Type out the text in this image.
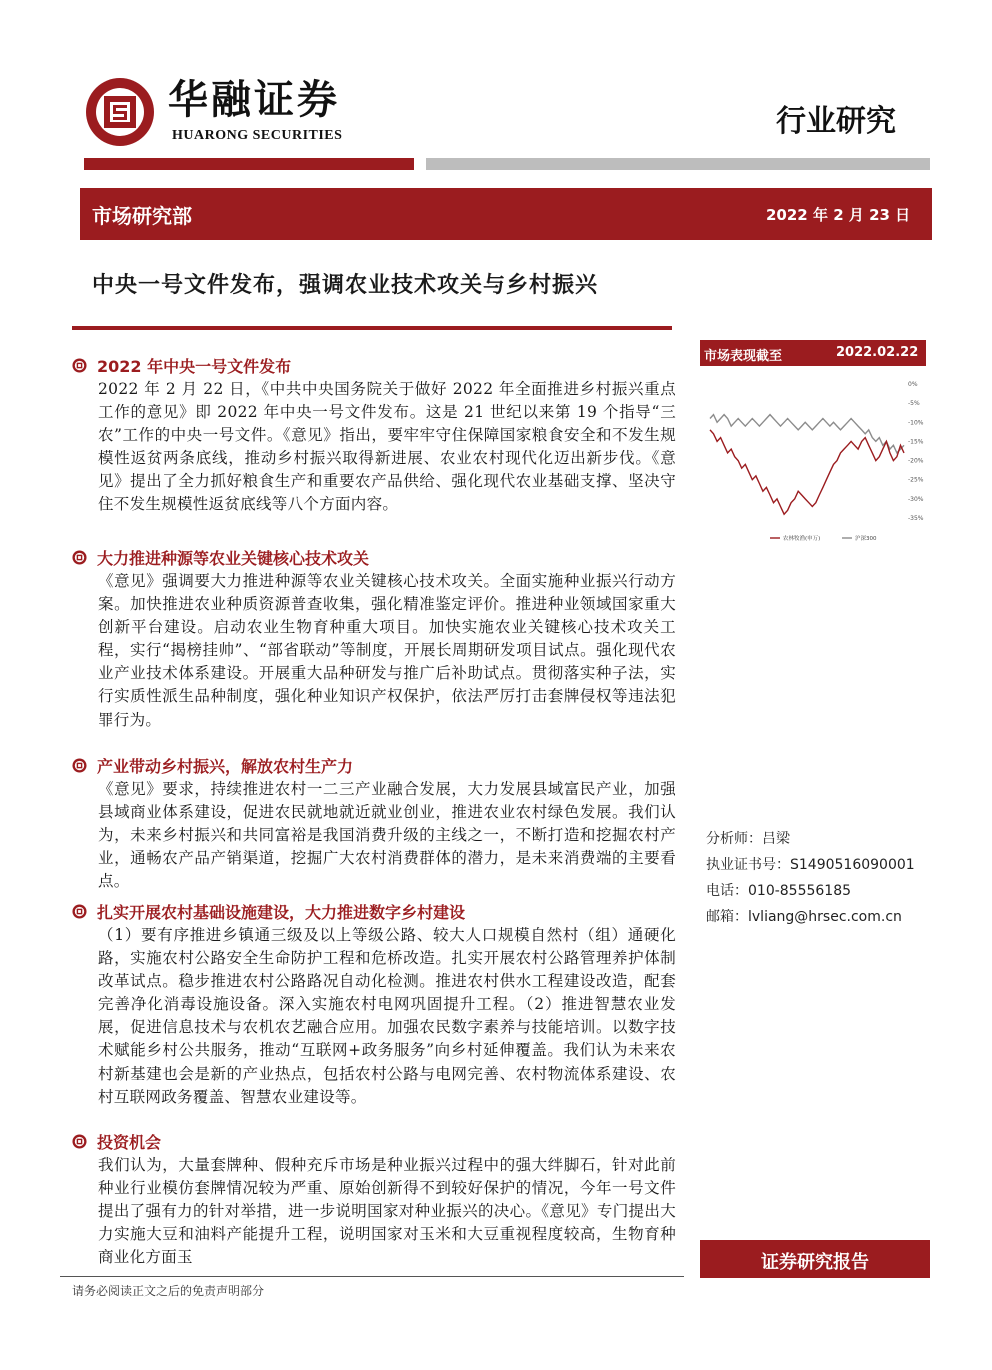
华融证券
HUARONG SECURITIES	行业研究
市场研究部	2022 年 2 月 23 日
中央一号文件发布，强调农业技术攻关与乡村振兴
2022 年中央一号文件发布

2022 年 2 月 22 日，《中共中央国务院关于做好 2022 年全面推进乡村振兴重点工作的意见》即 2022 年中央一号文件发布。这是 21 世纪以来第 19 个指导“三农”工作的中央一号文件。《意见》指出，要牢牢守住保障国家粮食安全和不发生规模性返贫两条底线，推动乡村振兴取得新进展、农业农村现代化迈出新步伐。《意见》提出了全力抓好粮食生产和重要农产品供给、强化现代农业基础支撑、坚决守住不发生规模性返贫底线等八个方面内容。

大力推进种源等农业关键核心技术攻关

《意见》强调要大力推进种源等农业关键核心技术攻关。全面实施种业振兴行动方案。加快推进农业种质资源普查收集，强化精准鉴定评价。推进种业领域国家重大创新平台建设。启动农业生物育种重大项目。加快实施农业关键核心技术攻关工程，实行“揭榜挂帅”、“部省联动”等制度，开展长周期研发项目试点。强化现代农业产业技术体系建设。开展重大品种研发与推广后补助试点。贯彻落实种子法，实行实质性派生品种制度，强化种业知识产权保护，依法严厉打击套牌侵权等违法犯罪行为。

产业带动乡村振兴，解放农村生产力

《意见》要求，持续推进农村一二三产业融合发展，大力发展县域富民产业，加强县域商业体系建设，促进农民就地就近就业创业，推进农业农村绿色发展。我们认为，未来乡村振兴和共同富裕是我国消费升级的主线之一，不断打造和挖掘农村产业，通畅农产品产销渠道，挖掘广大农村消费群体的潜力，是未来消费端的主要看点。

扎实开展农村基础设施建设，大力推进数字乡村建设

（1）要有序推进乡镇通三级及以上等级公路、较大人口规模自然村（组）通硬化路，实施农村公路安全生命防护工程和危桥改造。扎实开展农村公路管理养护体制改革试点。稳步推进农村公路路况自动化检测。推进农村供水工程建设改造，配套完善净化消毒设施设备。深入实施农村电网巩固提升工程。（2）推进智慧农业发展，促进信息技术与农机农艺融合应用。加强农民数字素养与技能培训。以数字技术赋能乡村公共服务，推动“互联网+政务服务”向乡村延伸覆盖。我们认为未来农村新基建也会是新的产业热点，包括农村公路与电网完善、农村物流体系建设、农村互联网政务覆盖、智慧农业建设等。

投资机会

我们认为，大量套牌种、假种充斥市场是种业振兴过程中的强大绊脚石，针对此前种业行业模仿套牌情况较为严重、原始创新得不到较好保护的情况，今年一号文件提出了强有力的针对举措，进一步说明国家对种业振兴的决心。《意见》专门提出大力实施大豆和油料产能提升工程，说明国家对玉米和大豆重视程度较高，生物育种商业化方面玉

市场表现截至	2022.02.22
0%
-5%
-10%
-15%
-20%
-25%
-30%
-35%
农林牧渔(申万)	沪深300
分析师：吕梁
执业证书号：S1490516090001
电话：010-85556185
邮箱：lvliang@hrsec.com.cn
证券研究报告
请务必阅读正文之后的免责声明部分
